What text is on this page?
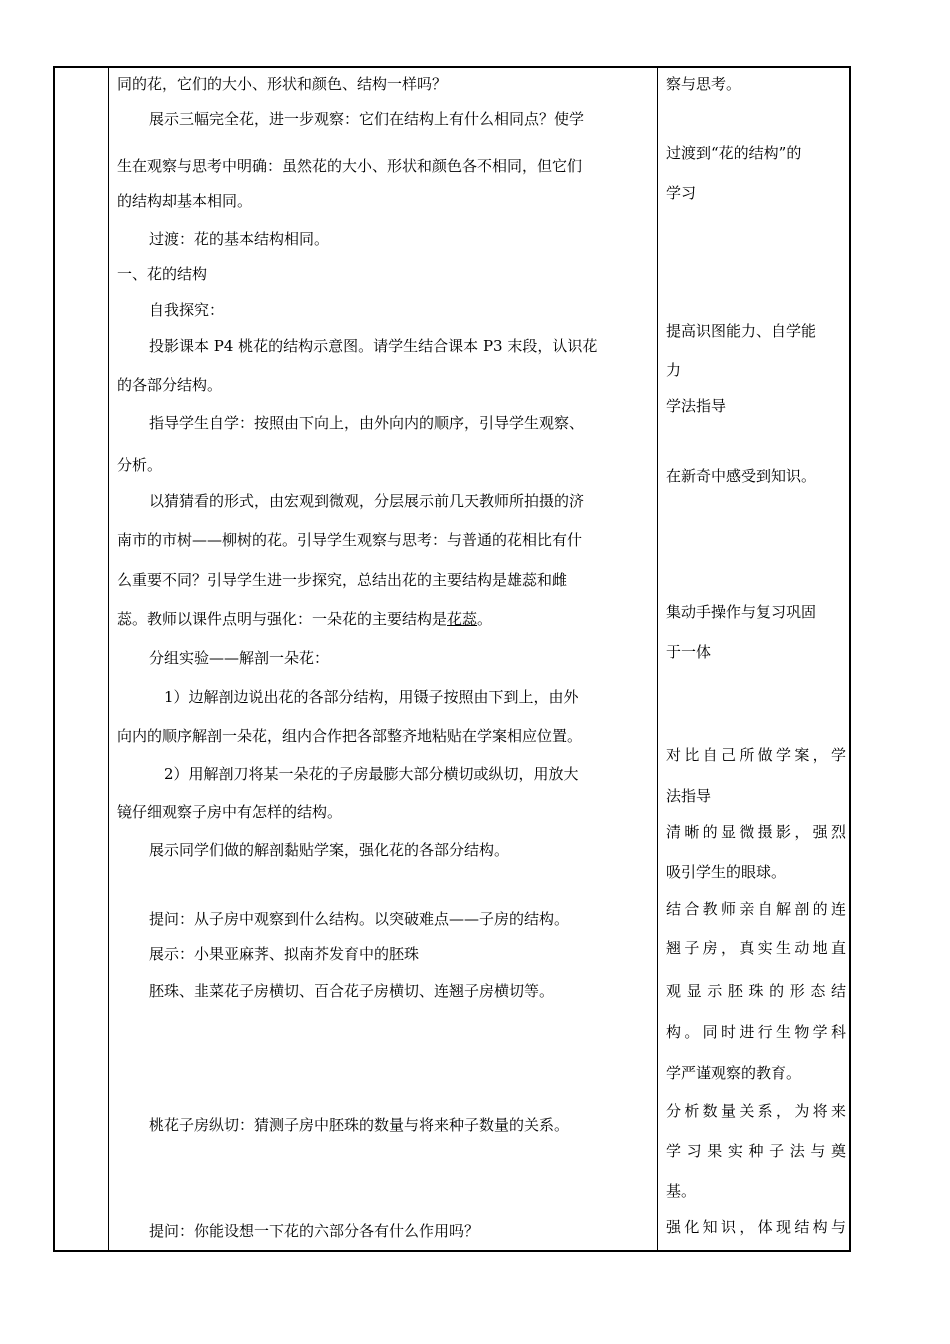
同的花，它们的大小、形状和颜色、结构一样吗？
展示三幅完全花，进一步观察：它们在结构上有什么相同点？使学
生在观察与思考中明确：虽然花的大小、形状和颜色各不相同，但它们
的结构却基本相同。
过渡：花的基本结构相同。
一、花的结构
自我探究：
投影课本 P4 桃花的结构示意图。请学生结合课本 P3 末段，认识花
的各部分结构。
指导学生自学：按照由下向上，由外向内的顺序，引导学生观察、
分析。
以猜猜看的形式，由宏观到微观，分层展示前几天教师所拍摄的济
南市的市树——柳树的花。引导学生观察与思考：与普通的花相比有什
么重要不同？引导学生进一步探究，总结出花的主要结构是雄蕊和雌
蕊。教师以课件点明与强化：一朵花的主要结构是花蕊。
分组实验——解剖一朵花：
1）边解剖边说出花的各部分结构，用镊子按照由下到上，由外
向内的顺序解剖一朵花，组内合作把各部整齐地粘贴在学案相应位置。
2）用解剖刀将某一朵花的子房最膨大部分横切或纵切，用放大
镜仔细观察子房中有怎样的结构。
展示同学们做的解剖黏贴学案，强化花的各部分结构。
提问：从子房中观察到什么结构。以突破难点——子房的结构。
展示：小果亚麻荠、拟南芥发育中的胚珠
胚珠、韭菜花子房横切、百合花子房横切、连翘子房横切等。
桃花子房纵切：猜测子房中胚珠的数量与将来种子数量的关系。
提问：你能设想一下花的六部分各有什么作用吗？
察与思考。
过渡到“花的结构”的
学习
提高识图能力、自学能
力
学法指导
在新奇中感受到知识。
集动手操作与复习巩固
于一体
对比自己所做学案，学
法指导
清晰的显微摄影，强烈
吸引学生的眼球。
结合教师亲自解剖的连
翘子房，真实生动地直
观显示胚珠的形态结
构。同时进行生物学科
学严谨观察的教育。
分析数量关系，为将来
学习果实种子法与奠
基。
强化知识，体现结构与
